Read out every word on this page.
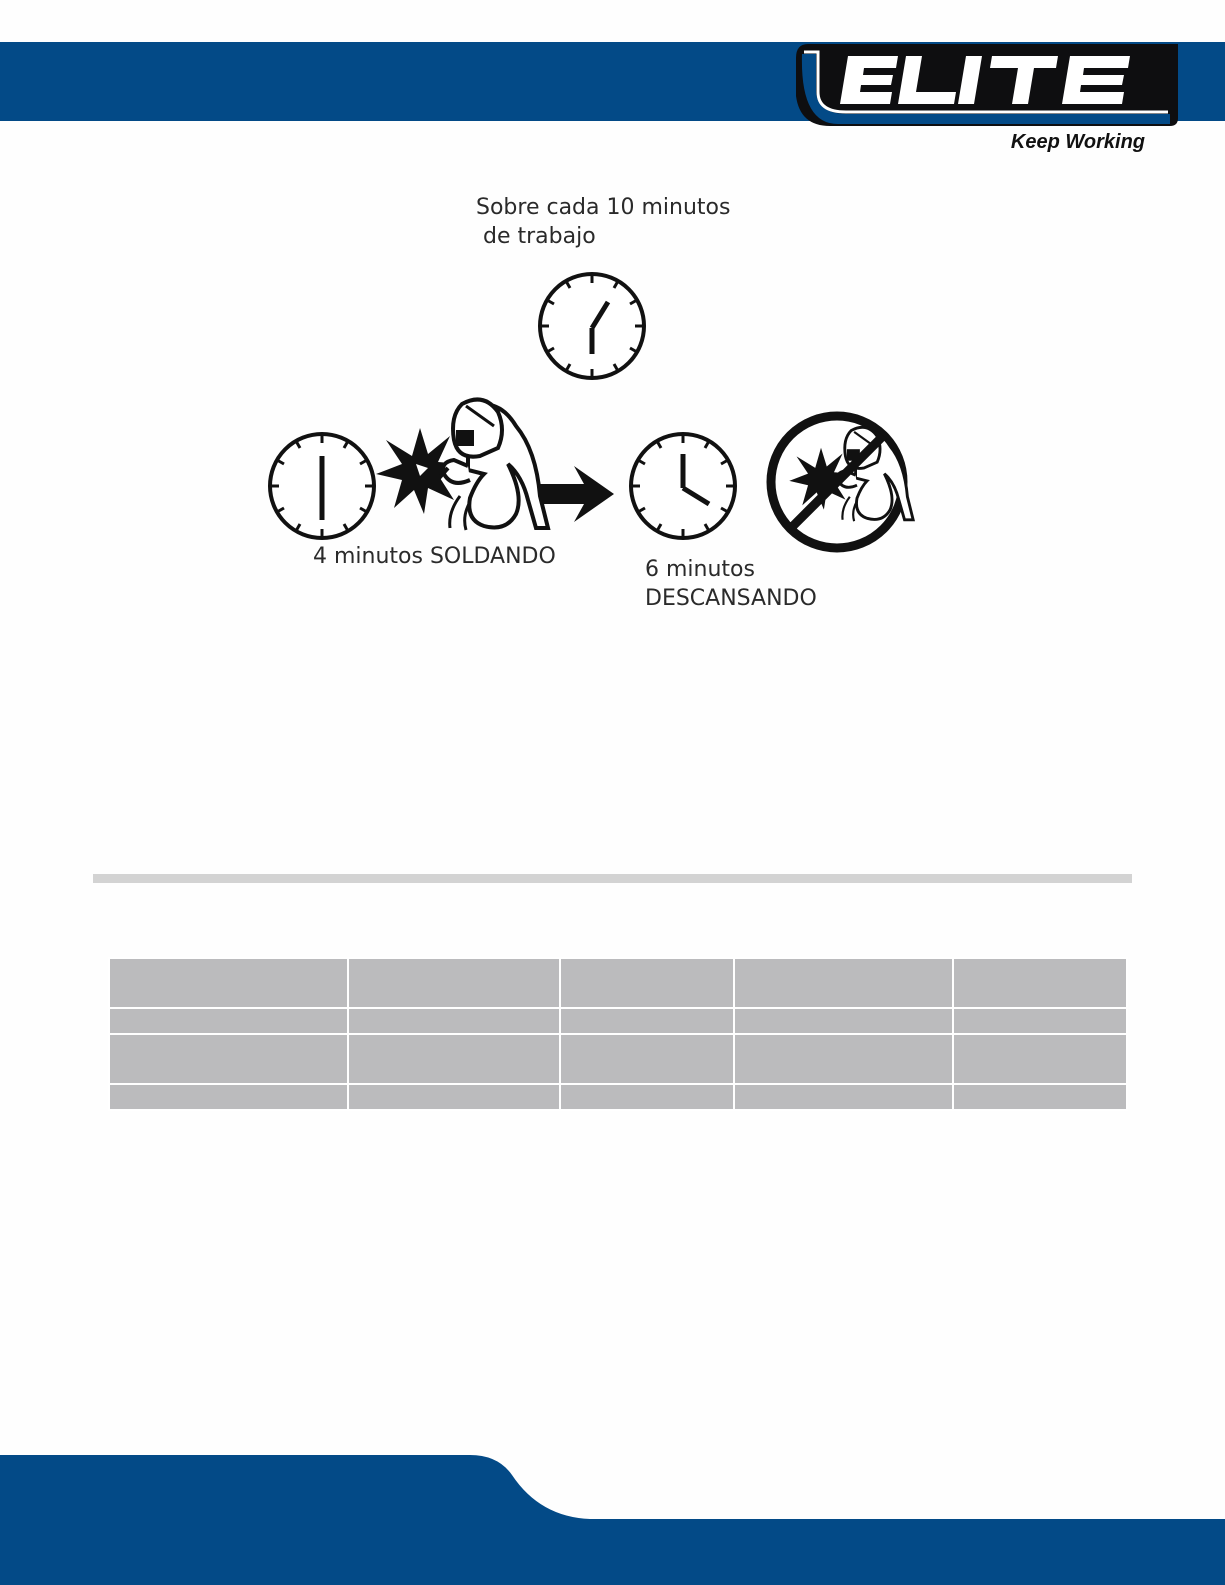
Keep Working
Sobre cada 10 minutos
de trabajo
4 minutos SOLDANDO
6 minutos
DESCANSANDO
